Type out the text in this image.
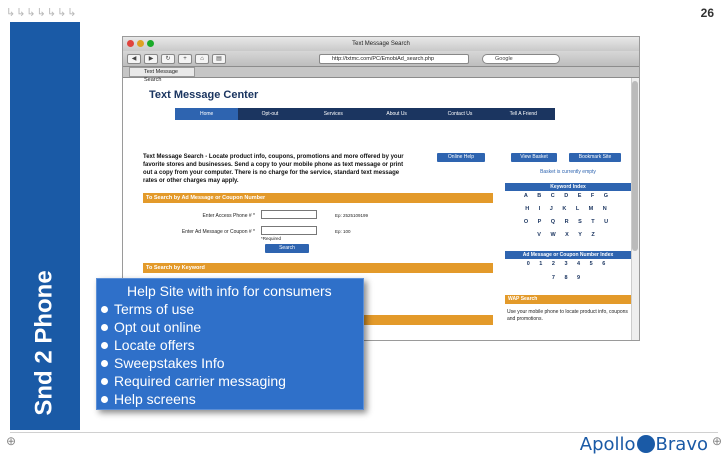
↳↳↳↳↳↳↳	26
Snd 2 Phone
Text Message Search
◀	▶	↻	+	⌂	▤	http://txtmc.com/PC/EmobiAd_search.php	Google
Text Message Search
Text Message Center
Home	Opt-out	Services	About Us	Contact Us	Tell A Friend
Online Help	View Basket	Bookmark Site
Text Message Search - Locate product info, coupons, promotions and more offered by your favorite stores and businesses. Send a copy to your mobile phone as text message or print out a copy from your computer. There is no charge for the service, standard text message rates or other charges may apply.
Basket is currently empty
Keyword Index
A B C D E F G
H I J K L M N
O P Q R S T U
V W X Y Z
Ad Message or Coupon Number Index
0 1 2 3 4 5 6
7 8 9
WAP Search
Use your mobile phone to locate product info, coupons and promotions.
To Search by Ad Message or Coupon Number
Enter Access Phone # *	Ep: 2525109199
Enter Ad Message or Coupon # *	Ep: 100
*Required
Search
To Search by Keyword
Help Site with info for consumers
Terms of use
Opt out online
Locate offers
Sweepstakes Info
Required carrier messaging
Help screens
⊕	⊕
Apollo Bravo
